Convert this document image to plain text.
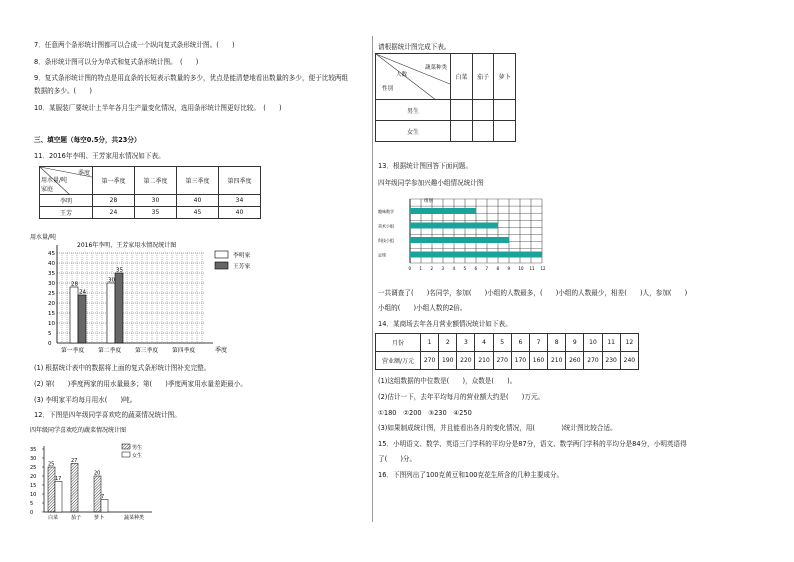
7．任意两个条形统计图都可以合成一个纵向复式条形统计图。(　　)
8．条形统计图可以分为单式和复式条形统计图。　(　　)
9．复式条形统计图的特点是用直条的长短表示数量的多少，优点是能清楚地看出数量的多少，便于比较两组
数据的多少。(　　)
10．某服装厂要统计上半年各月生产量变化情况，选用条形统计图更好比较。　(　　)
三、填空题（每空0.5分，共23分）
11．2016年李明、王芳家用水情况如下表。
季度
用水量/吨
家庭	第一季度	第二季度	第三季度	第四季度
李明	28	30	40	34
王芳	24	35	45	40
用水量/吨
2016年李明、王芳家用水情况统计图
0
5
10
15
20
25
30
35
40
45
季度
第一季度 第二季度 第三季度 第四季度
28
30
24
35
李明家
王芳家
(1) 根据统计表中的数据将上面的复式条形统计图补充完整。
(2) 第(　　)季度两家的用水量最多；第(　　)季度两家用水量差距最小。
(3) 李明家平均每月用水(　　)吨。
12．下图是四年级同学喜欢吃的蔬菜情况统计图。
四年级同学喜欢吃的蔬菜情况统计图
0
5
10
15
20
25
30
35
蔬菜种类
白菜	茄子	萝卜
25
27
20
17
7
男生
女生
请根据统计图完成下表。
蔬菜种类
人数
性别	白菜	茄子	萝卜
男生			
女生			
13．根据统计图回答下面问题。
四年级同学参加兴趣小组情况统计图
组别
0 1 2 3 4 5 6 7 8 9 10 11 12
趣味数学
美术小组
科技小组
足球
一共调查了(　　)名同学，参加(　　)小组的人数最多，(　　)小组的人数最少，相差(　　)人，参加(　　)
小组的(　　)小组人数的2倍。
14．某商场去年各月营业额情况统计如下表。
月份	1	2	3	4	5	6	7	8	9	10	11	12
营业额/万元	270	190	220	210	270	170	160	210	260	270	230	240
(1)这组数据的中位数是(　　)，众数是(　　)。
(2)估计一下，去年平均每月的营业额大约是(　　)万元。
①180　②200　③230　④250
(3)如果制成统计图，并且能看出各月的变化情况，用(　　　　)统计图比较合适。
15．小明语文、数学、英语三门学科的平均分是87分，语文、数学两门学科的平均分是84分，小明英语得
了(　　)分。
16．下图列出了100克黄豆和100克花生所含的几种主要成分。
